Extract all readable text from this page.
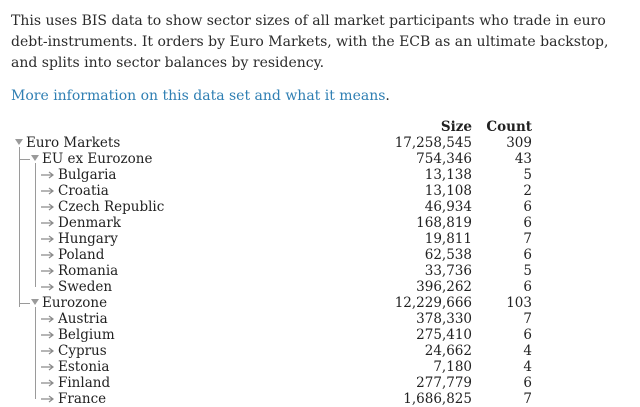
This uses BIS data to show sector sizes of all market participants who trade in euro debt-instruments. It orders by Euro Markets, with the ECB as an ultimate backstop, and splits into sector balances by residency.

More information on this data set and what it means.

Size Count
Euro Markets	17,258,545	309
EU ex Eurozone	754,346	43
Bulgaria	13,138	5
Croatia	13,108	2
Czech Republic	46,934	6
Denmark	168,819	6
Hungary	19,811	7
Poland	62,538	6
Romania	33,736	5
Sweden	396,262	6
Eurozone	12,229,666	103
Austria	378,330	7
Belgium	275,410	6
Cyprus	24,662	4
Estonia	7,180	4
Finland	277,779	6
France	1,686,825	7
